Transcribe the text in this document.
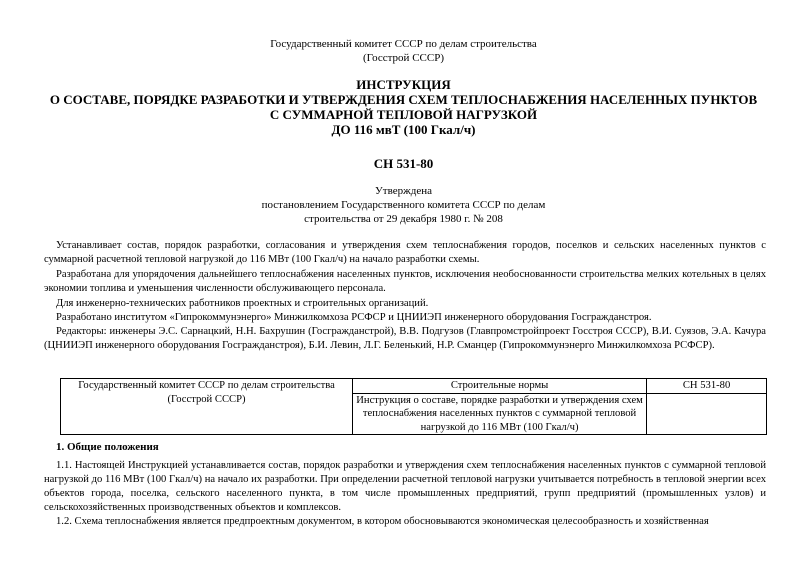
Государственный комитет СССР по делам строительства
(Госстрой СССР)
ИНСТРУКЦИЯ
О СОСТАВЕ, ПОРЯДКЕ РАЗРАБОТКИ И УТВЕРЖДЕНИЯ СХЕМ ТЕПЛОСНАБЖЕНИЯ НАСЕЛЕННЫХ ПУНКТОВ
С СУММАРНОЙ ТЕПЛОВОЙ НАГРУЗКОЙ
ДО 116 мвТ (100 Гкал/ч)
СН 531-80
Утверждена
постановлением Государственного комитета СССР по делам
строительства от 29 декабря 1980 г. № 208
Устанавливает состав, порядок разработки, согласования и утверждения схем теплоснабжения городов, поселков и сельских населенных пунктов с суммарной расчетной тепловой нагрузкой до 116 МВт (100 Гкал/ч) на начало разработки схемы.
Разработана для упорядочения дальнейшего теплоснабжения населенных пунктов, исключения необоснованности строительства мелких котельных в целях экономии топлива и уменьшения численности обслуживающего персонала.
Для инженерно-технических работников проектных и строительных организаций.
Разработано институтом «Гипрокоммунэнерго» Минжилкомхоза РСФСР и ЦНИИЭП инженерного оборудования Госгражданстроя.
Редакторы: инженеры Э.С. Сарнацкий, Н.Н. Бахрушин (Госгражданстрой), В.В. Подгузов (Главпромстройпроект Госстроя СССР), В.И. Суязов, Э.А. Качура (ЦНИИЭП инженерного оборудования Госгражданстроя), Б.И. Левин, Л.Г. Беленький, Н.Р. Сманцер (Гипрокоммунэнерго Минжилкомхоза РСФСР).
Государственный комитет СССР по делам строительства (Госстрой СССР)	Строительные нормы	СН 531-80
	Инструкция о составе, порядке разработки и утверждения схем теплоснабжения населенных пунктов с суммарной тепловой нагрузкой до 116 МВт (100 Гкал/ч)	
1. Общие положения
1.1. Настоящей Инструкцией устанавливается состав, порядок разработки и утверждения схем теплоснабжения населенных пунктов с суммарной тепловой нагрузкой до 116 МВт (100 Гкал/ч) на начало их разработки. При определении расчетной тепловой нагрузки учитывается потребность в тепловой энергии всех объектов города, поселка, сельского населенного пункта, в том числе промышленных предприятий, групп предприятий (промышленных узлов) и сельскохозяйственных производственных объектов и комплексов.
1.2. Схема теплоснабжения является предпроектным документом, в котором обосновываются экономическая целесообразность и хозяйственная
